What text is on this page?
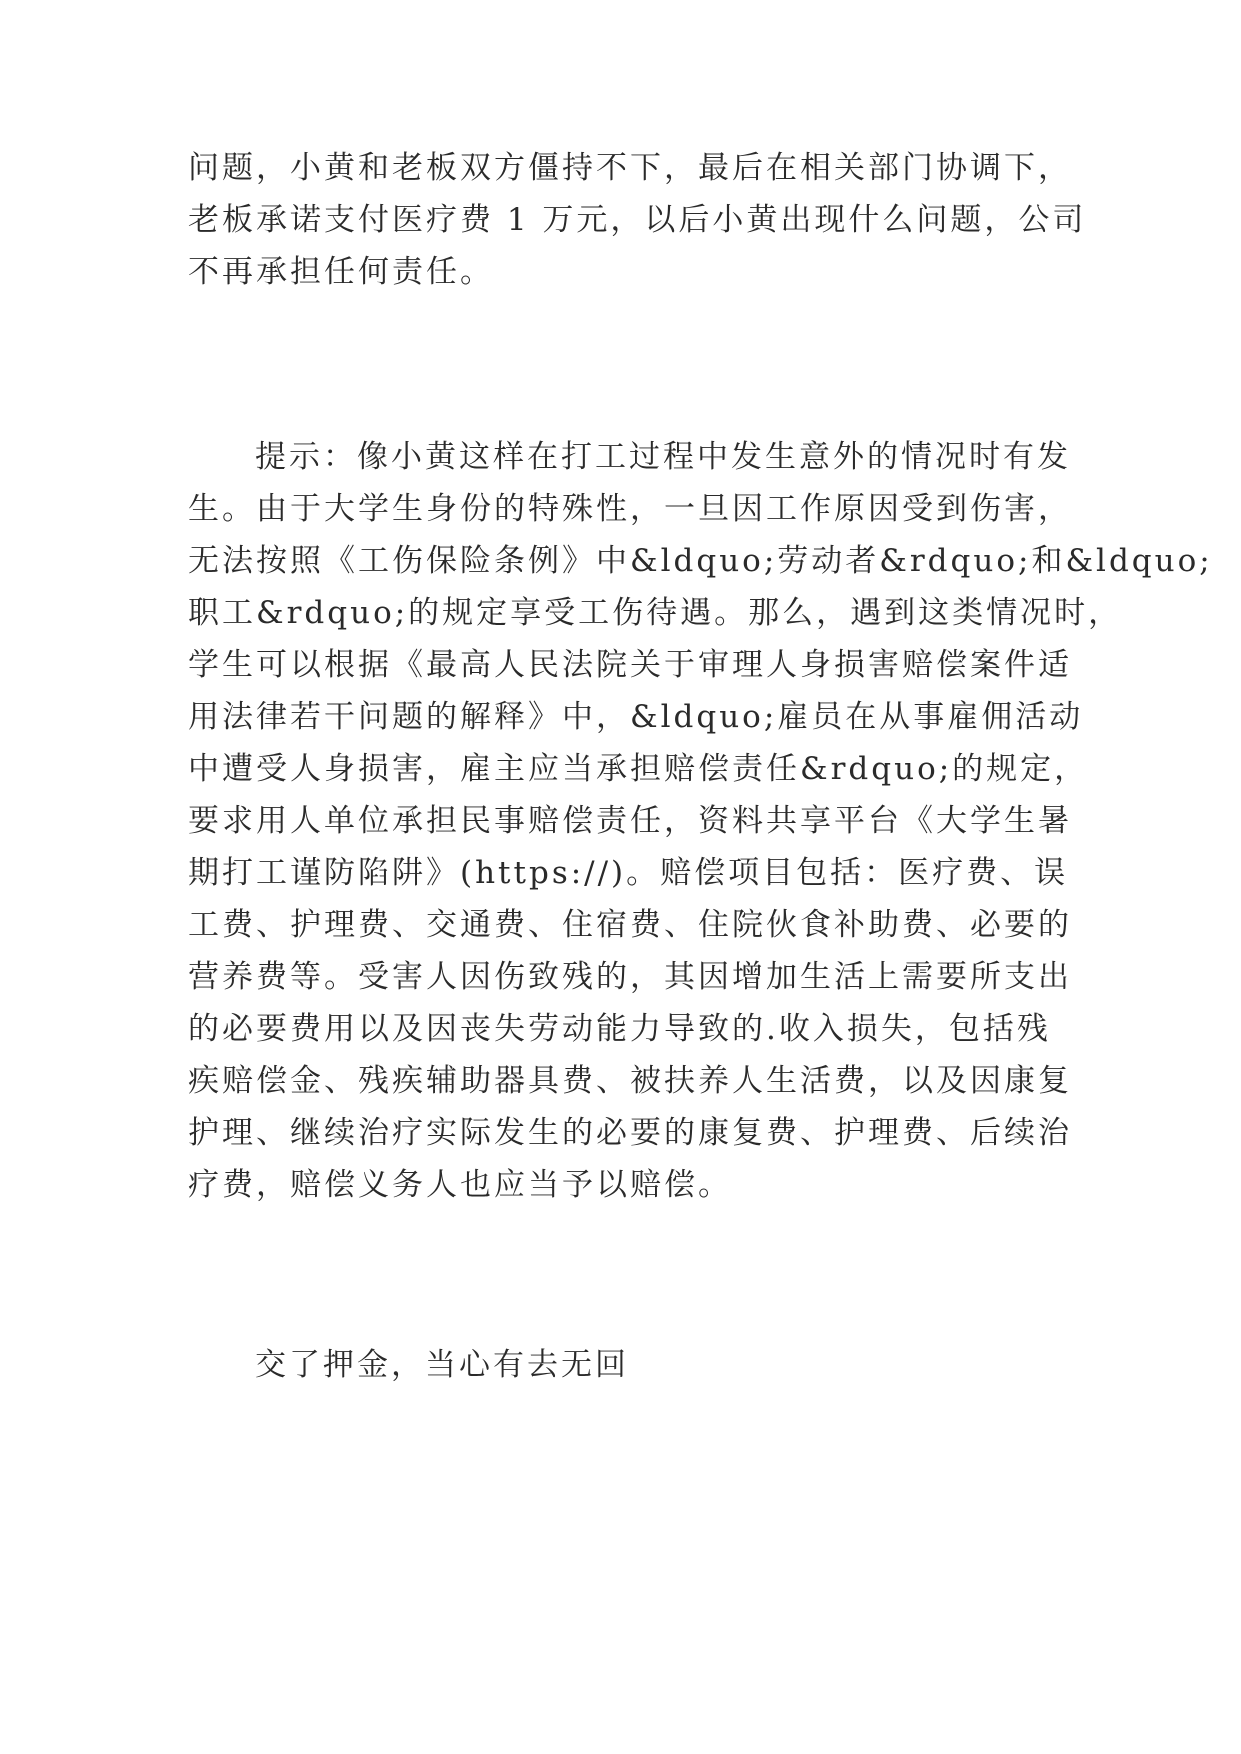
问题，小黄和老板双方僵持不下，最后在相关部门协调下，
老板承诺支付医疗费 1 万元，以后小黄出现什么问题，公司
不再承担任何责任。
提示：像小黄这样在打工过程中发生意外的情况时有发
生。由于大学生身份的特殊性，一旦因工作原因受到伤害，
无法按照《工伤保险条例》中&ldquo;劳动者&rdquo;和&ldquo;
职工&rdquo;的规定享受工伤待遇。那么，遇到这类情况时，
学生可以根据《最高人民法院关于审理人身损害赔偿案件适
用法律若干问题的解释》中，&ldquo;雇员在从事雇佣活动
中遭受人身损害，雇主应当承担赔偿责任&rdquo;的规定，
要求用人单位承担民事赔偿责任，资料共享平台《大学生暑
期打工谨防陷阱》(https://)。赔偿项目包括：医疗费、误
工费、护理费、交通费、住宿费、住院伙食补助费、必要的
营养费等。受害人因伤致残的，其因增加生活上需要所支出
的必要费用以及因丧失劳动能力导致的.收入损失，包括残
疾赔偿金、残疾辅助器具费、被扶养人生活费，以及因康复
护理、继续治疗实际发生的必要的康复费、护理费、后续治
疗费，赔偿义务人也应当予以赔偿。
交了押金，当心有去无回
